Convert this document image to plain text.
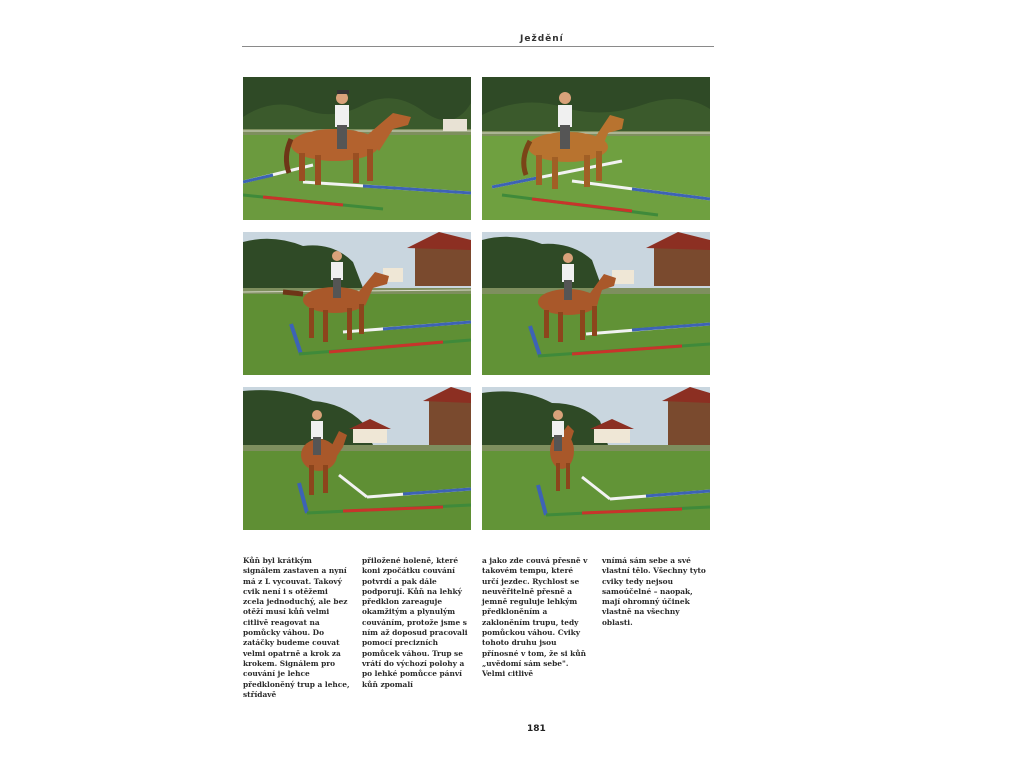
Ježdění

Kůň byl krátkým signálem zastaven a nyní má z L vycouvat. Takový cvik není i s otěžemi zcela jednoduchý, ale bez otěží musí kůň velmi citlivě reagovat na pomůcky váhou. Do zatáčky budeme couvat velmi opatrně a krok za krokem. Signálem pro couvání je lehce předkloněný trup a lehce, střídavě

přiložené holeně, které koni zpočátku couvání potvrdí a pak dále podporují. Kůň na lehký předklon zareaguje okamžitým a plynulým couváním, protože jsme s ním až doposud pracovali pomocí precizních pomůcek váhou. Trup se vrátí do výchozí polohy a po lehké pomůcce pánví kůň zpomalí

a jako zde couvá přesně v takovém tempu, které určí jezdec. Rychlost se neuvěřitelně přesně a jemně reguluje lehkým předkloněním a zakloněním trupu, tedy pomůckou váhou. Cviky tohoto druhu jsou přínosné v tom, že si kůň „uvědomí sám sebe". Velmi citlivě

vnímá sám sebe a své vlastní tělo. Všechny tyto cviky tedy nejsou samoúčelné – naopak, mají ohromný účinek vlastně na všechny oblasti.

181
